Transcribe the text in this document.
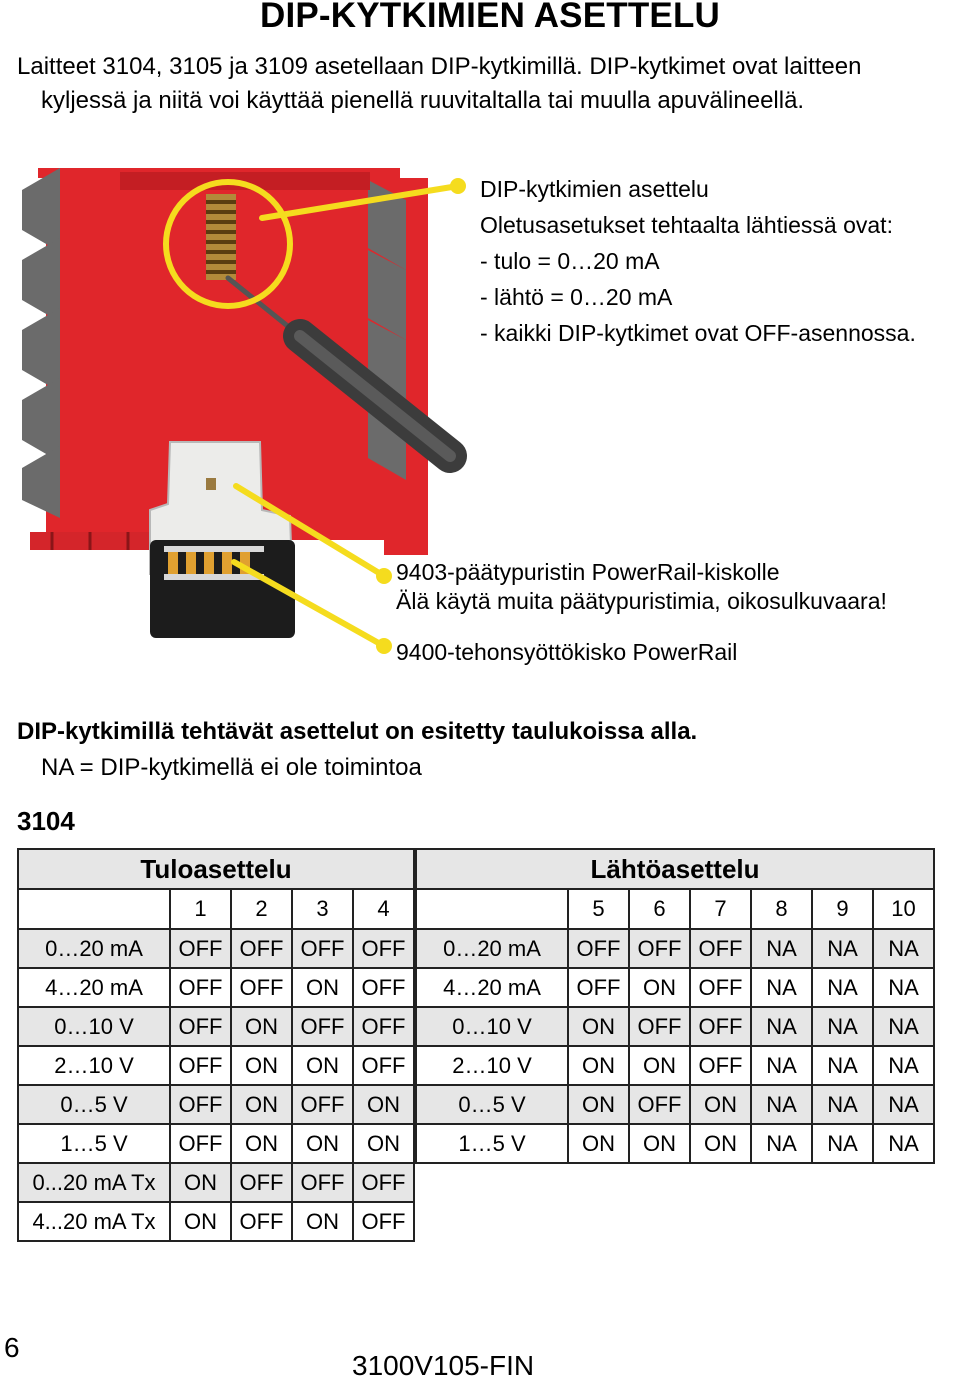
DIP-KYTKIMIEN ASETTELU
Laitteet 3104, 3105 ja 3109 asetellaan DIP-kytkimillä. DIP-kytkimet ovat laitteen
kyljessä ja niitä voi käyttää pienellä ruuvitaltalla tai muulla apuvälineellä.
DIP-kytkimien asettelu
Oletusasetukset tehtaalta lähtiessä ovat:
- tulo = 0…20 mA
- lähtö = 0…20 mA
- kaikki DIP-kytkimet ovat OFF-asennossa.
9403-päätypuristin PowerRail-kiskolle
Älä käytä muita päätypuristimia, oikosulkuvaara!
9400-tehonsyöttökisko PowerRail
DIP-kytkimillä tehtävät asettelut on esitetty taulukoissa alla.
NA = DIP-kytkimellä ei ole toimintoa
3104
Tuloasettelu				
	1	2	3	4
0…20 mA	OFF	OFF	OFF	OFF
4…20 mA	OFF	OFF	ON	OFF
0…10 V	OFF	ON	OFF	OFF
2…10 V	OFF	ON	ON	OFF
0…5 V	OFF	ON	OFF	ON
1…5 V	OFF	ON	ON	ON
0...20 mA Tx	ON	OFF	OFF	OFF
4...20 mA Tx	ON	OFF	ON	OFF
Lähtöasettelu						
	5	6	7	8	9	10
0…20 mA	OFF	OFF	OFF	NA	NA	NA
4…20 mA	OFF	ON	OFF	NA	NA	NA
0…10 V	ON	OFF	OFF	NA	NA	NA
2…10 V	ON	ON	OFF	NA	NA	NA
0…5 V	ON	OFF	ON	NA	NA	NA
1…5 V	ON	ON	ON	NA	NA	NA
6
3100V105-FIN
